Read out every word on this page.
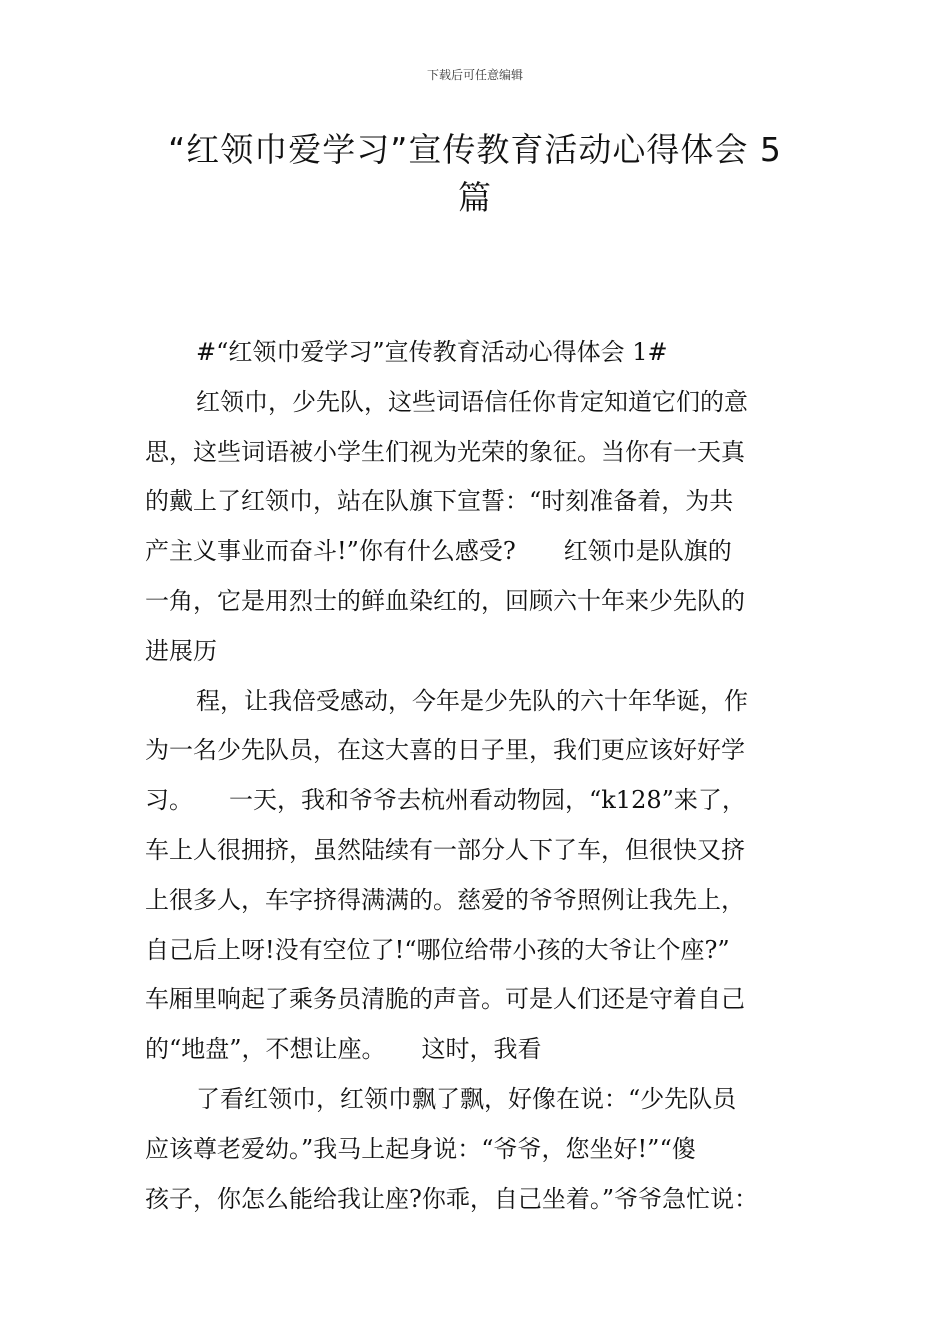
下载后可任意编辑
“红领巾爱学习”宣传教育活动心得体会 5
篇

#“红领巾爱学习”宣传教育活动心得体会 1#

红领巾，少先队，这些词语信任你肯定知道它们的意

思，这些词语被小学生们视为光荣的象征。当你有一天真

的戴上了红领巾，站在队旗下宣誓：“时刻准备着，为共

产主义事业而奋斗!”你有什么感受?　　红领巾是队旗的

一角，它是用烈士的鲜血染红的，回顾六十年来少先队的

进展历

程，让我倍受感动，今年是少先队的六十年华诞，作

为一名少先队员，在这大喜的日子里，我们更应该好好学

习。　　一天，我和爷爷去杭州看动物园，“k128”来了，

车上人很拥挤，虽然陆续有一部分人下了车，但很快又挤

上很多人，车字挤得满满的。慈爱的爷爷照例让我先上，

自己后上呀!没有空位了!“哪位给带小孩的大爷让个座?”

车厢里响起了乘务员清脆的声音。可是人们还是守着自己

的“地盘”，不想让座。　　这时，我看

了看红领巾，红领巾飘了飘，好像在说：“少先队员

应该尊老爱幼。”我马上起身说：“爷爷，您坐好!”“傻

孩子，你怎么能给我让座?你乖，自己坐着。”爷爷急忙说：
